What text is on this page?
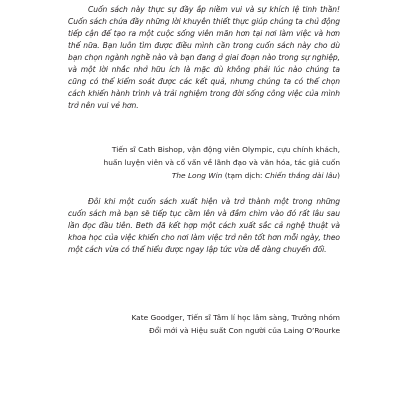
Cuốn sách này thực sự đầy ắp niềm vui và sự khích lệ tinh thần! Cuốn sách chứa đầy những lời khuyên thiết thực giúp chúng ta chủ động tiếp cận để tạo ra một cuộc sống viên mãn hơn tại nơi làm việc và hơn thế nữa. Bạn luôn tìm được điều mình cần trong cuốn sách này cho dù bạn chọn ngành nghề nào và bạn đang ở giai đoạn nào trong sự nghiệp, và một lời nhắc nhở hữu ích là mặc dù không phải lúc nào chúng ta cũng có thể kiểm soát được các kết quả, nhưng chúng ta có thể chọn cách khiến hành trình và trải nghiệm trong đời sống công việc của mình trở nên vui vẻ hơn.

Tiến sĩ Cath Bishop, vận động viên Olympic, cựu chính khách,
huấn luyện viên và cố vấn về lãnh đạo và văn hóa, tác giả cuốn
The Long Win (tạm dịch: Chiến thắng dài lâu)

Đôi khi một cuốn sách xuất hiện và trở thành một trong những cuốn sách mà bạn sẽ tiếp tục cầm lên và đắm chìm vào đó rất lâu sau lần đọc đầu tiên. Beth đã kết hợp một cách xuất sắc cả nghệ thuật và khoa học của việc khiến cho nơi làm việc trở nên tốt hơn mỗi ngày, theo một cách vừa có thể hiểu được ngay lập tức vừa dễ dàng chuyển đổi.

Kate Goodger, Tiến sĩ Tâm lí học lâm sàng, Trưởng nhóm
Đổi mới và Hiệu suất Con người của Laing O’Rourke
